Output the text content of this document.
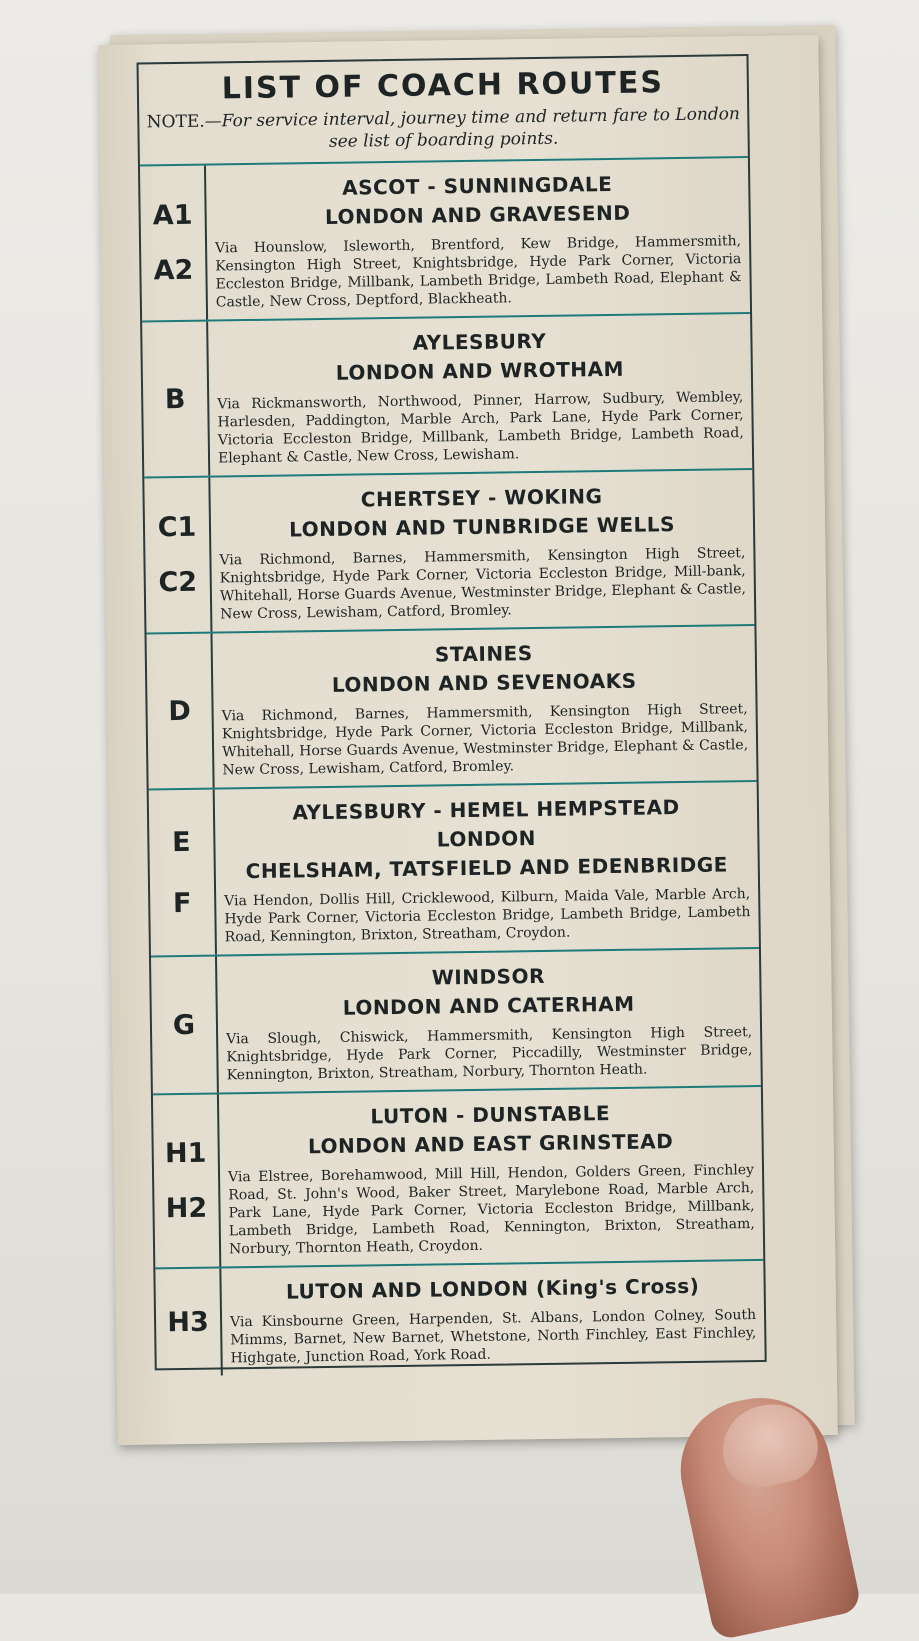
LIST OF COACH ROUTES
NOTE.—For service interval, journey time and return fare to London see list of boarding points.
A1
A2
ASCOT - SUNNINGDALE
LONDON AND GRAVESEND
Via Hounslow, Isleworth, Brentford, Kew Bridge, Hammersmith, Kensington High Street, Knightsbridge, Hyde Park Corner, Victoria Eccleston Bridge, Millbank, Lambeth Bridge, Lambeth Road, Elephant & Castle, New Cross, Deptford, Blackheath.
B
AYLESBURY
LONDON AND WROTHAM
Via Rickmansworth, Northwood, Pinner, Harrow, Sudbury, Wembley, Harlesden, Paddington, Marble Arch, Park Lane, Hyde Park Corner, Victoria Eccleston Bridge, Millbank, Lambeth Bridge, Lambeth Road, Elephant & Castle, New Cross, Lewisham.
C1
C2
CHERTSEY - WOKING
LONDON AND TUNBRIDGE WELLS
Via Richmond, Barnes, Hammersmith, Kensington High Street, Knightsbridge, Hyde Park Corner, Victoria Eccleston Bridge, Mill-bank, Whitehall, Horse Guards Avenue, Westminster Bridge, Elephant & Castle, New Cross, Lewisham, Catford, Bromley.
D
STAINES
LONDON AND SEVENOAKS
Via Richmond, Barnes, Hammersmith, Kensington High Street, Knightsbridge, Hyde Park Corner, Victoria Eccleston Bridge, Millbank, Whitehall, Horse Guards Avenue, Westminster Bridge, Elephant & Castle, New Cross, Lewisham, Catford, Bromley.
E
F
AYLESBURY - HEMEL HEMPSTEAD
LONDON
CHELSHAM, TATSFIELD AND EDENBRIDGE
Via Hendon, Dollis Hill, Cricklewood, Kilburn, Maida Vale, Marble Arch, Hyde Park Corner, Victoria Eccleston Bridge, Lambeth Bridge, Lambeth Road, Kennington, Brixton, Streatham, Croydon.
G
WINDSOR
LONDON AND CATERHAM
Via Slough, Chiswick, Hammersmith, Kensington High Street, Knightsbridge, Hyde Park Corner, Piccadilly, Westminster Bridge, Kennington, Brixton, Streatham, Norbury, Thornton Heath.
H1
H2
LUTON - DUNSTABLE
LONDON AND EAST GRINSTEAD
Via Elstree, Borehamwood, Mill Hill, Hendon, Golders Green, Finchley Road, St. John's Wood, Baker Street, Marylebone Road, Marble Arch, Park Lane, Hyde Park Corner, Victoria Eccleston Bridge, Millbank, Lambeth Bridge, Lambeth Road, Kennington, Brixton, Streatham, Norbury, Thornton Heath, Croydon.
H3
LUTON AND LONDON (King's Cross)
Via Kinsbourne Green, Harpenden, St. Albans, London Colney, South Mimms, Barnet, New Barnet, Whetstone, North Finchley, East Finchley, Highgate, Junction Road, York Road.
